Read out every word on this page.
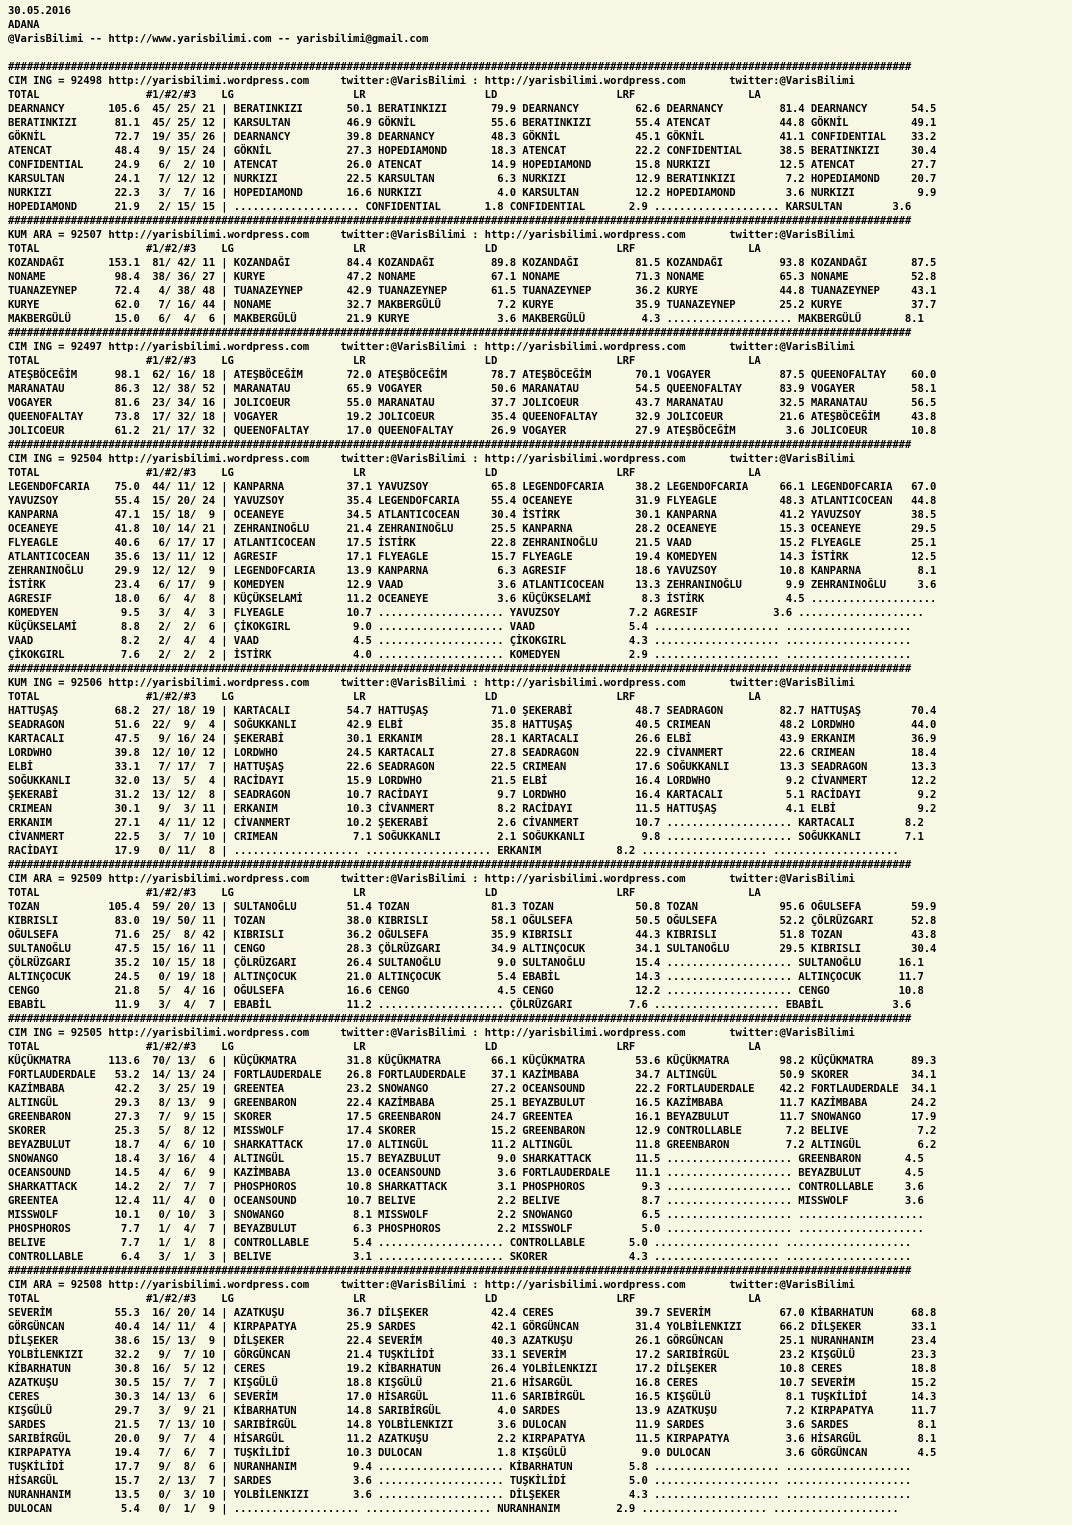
30.05.2016
ADANA
@VarisBilimi -- http://www.yarisbilimi.com -- yarisbilimi@gmail.com

################################################################################################################################################
CIM ING = 92498 http://yarisbilimi.wordpress.com     twitter:@VarisBilimi : http://yarisbilimi.wordpress.com       twitter:@VarisBilimi
TOTAL                 #1/#2/#3    LG                   LR                   LD                   LRF                  LA
DEARNANCY       105.6  45/ 25/ 21 | BERATINKIZI       50.1 BERATINKIZI       79.9 DEARNANCY         62.6 DEARNANCY         81.4 DEARNANCY       54.5
BERATINKIZI      81.1  45/ 25/ 12 | KARSULTAN         46.9 GÖKNİL            55.6 BERATINKIZI       55.4 ATENCAT           44.8 GÖKNİL          49.1
GÖKNİL           72.7  19/ 35/ 26 | DEARNANCY         39.8 DEARNANCY         48.3 GÖKNİL            45.1 GÖKNİL            41.1 CONFIDENTIAL    33.2
ATENCAT          48.4   9/ 15/ 24 | GÖKNİL            27.3 HOPEDIAMOND       18.3 ATENCAT           22.2 CONFIDENTIAL      38.5 BERATINKIZI     30.4
CONFIDENTIAL     24.9   6/  2/ 10 | ATENCAT           26.0 ATENCAT           14.9 HOPEDIAMOND       15.8 NURKIZI           12.5 ATENCAT         27.7
KARSULTAN        24.1   7/ 12/ 12 | NURKIZI           22.5 KARSULTAN          6.3 NURKIZI           12.9 BERATINKIZI        7.2 HOPEDIAMOND     20.7
NURKIZI          22.3   3/  7/ 16 | HOPEDIAMOND       16.6 NURKIZI            4.0 KARSULTAN         12.2 HOPEDIAMOND        3.6 NURKIZI          9.9
HOPEDIAMOND      21.9   2/ 15/ 15 | .................... CONFIDENTIAL       1.8 CONFIDENTIAL       2.9 .................... KARSULTAN        3.6
################################################################################################################################################
KUM ARA = 92507 http://yarisbilimi.wordpress.com     twitter:@VarisBilimi : http://yarisbilimi.wordpress.com       twitter:@VarisBilimi
TOTAL                 #1/#2/#3    LG                   LR                   LD                   LRF                  LA
KOZANDAĞI       153.1  81/ 42/ 11 | KOZANDAĞI         84.4 KOZANDAĞI         89.8 KOZANDAĞI         81.5 KOZANDAĞI         93.8 KOZANDAĞI       87.5
NONAME           98.4  38/ 36/ 27 | KURYE             47.2 NONAME            67.1 NONAME            71.3 NONAME            65.3 NONAME          52.8
TUANAZEYNEP      72.4   4/ 38/ 48 | TUANAZEYNEP       42.9 TUANAZEYNEP       61.5 TUANAZEYNEP       36.2 KURYE             44.8 TUANAZEYNEP     43.1
KURYE            62.0   7/ 16/ 44 | NONAME            32.7 MAKBERGÜLÜ         7.2 KURYE             35.9 TUANAZEYNEP       25.2 KURYE           37.7
MAKBERGÜLÜ       15.0   6/  4/  6 | MAKBERGÜLÜ        21.9 KURYE              3.6 MAKBERGÜLÜ         4.3 .................... MAKBERGÜLÜ       8.1
################################################################################################################################################
CIM ING = 92497 http://yarisbilimi.wordpress.com     twitter:@VarisBilimi : http://yarisbilimi.wordpress.com       twitter:@VarisBilimi
TOTAL                 #1/#2/#3    LG                   LR                   LD                   LRF                  LA
ATEŞBÖCEĞİM      98.1  62/ 16/ 18 | ATEŞBÖCEĞİM       72.0 ATEŞBÖCEĞİM       78.7 ATEŞBÖCEĞİM       70.1 VOGAYER           87.5 QUEENOFALTAY    60.0
MARANATAU        86.3  12/ 38/ 52 | MARANATAU         65.9 VOGAYER           50.6 MARANATAU         54.5 QUEENOFALTAY      83.9 VOGAYER         58.1
VOGAYER          81.6  23/ 34/ 16 | JOLICOEUR         55.0 MARANATAU         37.7 JOLICOEUR         43.7 MARANATAU         32.5 MARANATAU       56.5
QUEENOFALTAY     73.8  17/ 32/ 18 | VOGAYER           19.2 JOLICOEUR         35.4 QUEENOFALTAY      32.9 JOLICOEUR         21.6 ATEŞBÖCEĞİM     43.8
JOLICOEUR        61.2  21/ 17/ 32 | QUEENOFALTAY      17.0 QUEENOFALTAY      26.9 VOGAYER           27.9 ATEŞBÖCEĞİM        3.6 JOLICOEUR       10.8
################################################################################################################################################
CIM ING = 92504 http://yarisbilimi.wordpress.com     twitter:@VarisBilimi : http://yarisbilimi.wordpress.com       twitter:@VarisBilimi
TOTAL                 #1/#2/#3    LG                   LR                   LD                   LRF                  LA
LEGENDOFCARIA    75.0  44/ 11/ 12 | KANPARNA          37.1 YAVUZSOY          65.8 LEGENDOFCARIA     38.2 LEGENDOFCARIA     66.1 LEGENDOFCARIA   67.0
YAVUZSOY         55.4  15/ 20/ 24 | YAVUZSOY          35.4 LEGENDOFCARIA     55.4 OCEANEYE          31.9 FLYEAGLE          48.3 ATLANTICOCEAN   44.8
KANPARNA         47.1  15/ 18/  9 | OCEANEYE          34.5 ATLANTICOCEAN     30.4 İSTİRK            30.1 KANPARNA          41.2 YAVUZSOY        38.5
OCEANEYE         41.8  10/ 14/ 21 | ZEHRANINOĞLU      21.4 ZEHRANINOĞLU      25.5 KANPARNA          28.2 OCEANEYE          15.3 OCEANEYE        29.5
FLYEAGLE         40.6   6/ 17/ 17 | ATLANTICOCEAN     17.5 İSTİRK            22.8 ZEHRANINOĞLU      21.5 VAAD              15.2 FLYEAGLE        25.1
ATLANTICOCEAN    35.6  13/ 11/ 12 | AGRESIF           17.1 FLYEAGLE          15.7 FLYEAGLE          19.4 KOMEDYEN          14.3 İSTİRK          12.5
ZEHRANINOĞLU     29.9  12/ 12/  9 | LEGENDOFCARIA     13.9 KANPARNA           6.3 AGRESIF           18.6 YAVUZSOY          10.8 KANPARNA         8.1
İSTİRK           23.4   6/ 17/  9 | KOMEDYEN          12.9 VAAD               3.6 ATLANTICOCEAN     13.3 ZEHRANINOĞLU       9.9 ZEHRANINOĞLU     3.6
AGRESIF          18.0   6/  4/  8 | KÜÇÜKSELAMİ       11.2 OCEANEYE           3.6 KÜÇÜKSELAMİ        8.3 İSTİRK             4.5 ....................
KOMEDYEN          9.5   3/  4/  3 | FLYEAGLE          10.7 .................... YAVUZSOY           7.2 AGRESIF            3.6 ....................
KÜÇÜKSELAMİ       8.8   2/  2/  6 | ÇİKOKGIRL          9.0 .................... VAAD               5.4 .................... ....................
VAAD              8.2   2/  4/  4 | VAAD               4.5 .................... ÇİKOKGIRL          4.3 .................... ....................
ÇİKOKGIRL         7.6   2/  2/  2 | İSTİRK             4.0 .................... KOMEDYEN           2.9 .................... ....................
################################################################################################################################################
KUM ING = 92506 http://yarisbilimi.wordpress.com     twitter:@VarisBilimi : http://yarisbilimi.wordpress.com       twitter:@VarisBilimi
TOTAL                 #1/#2/#3    LG                   LR                   LD                   LRF                  LA
HATTUŞAŞ         68.2  27/ 18/ 19 | KARTACALI         54.7 HATTUŞAŞ          71.0 ŞEKERABİ          48.7 SEADRAGON         82.7 HATTUŞAŞ        70.4
SEADRAGON        51.6  22/  9/  4 | SOĞUKKANLI        42.9 ELBİ              35.8 HATTUŞAŞ          40.5 CRIMEAN           48.2 LORDWHO         44.0
KARTACALI        47.5   9/ 16/ 24 | ŞEKERABİ          30.1 ERKANIM           28.1 KARTACALI         26.6 ELBİ              43.9 ERKANIM         36.9
LORDWHO          39.8  12/ 10/ 12 | LORDWHO           24.5 KARTACALI         27.8 SEADRAGON         22.9 CİVANMERT         22.6 CRIMEAN         18.4
ELBİ             33.1   7/ 17/  7 | HATTUŞAŞ          22.6 SEADRAGON         22.5 CRIMEAN           17.6 SOĞUKKANLI        13.3 SEADRAGON       13.3
SOĞUKKANLI       32.0  13/  5/  4 | RACİDAYI          15.9 LORDWHO           21.5 ELBİ              16.4 LORDWHO            9.2 CİVANMERT       12.2
ŞEKERABİ         31.2  13/ 12/  8 | SEADRAGON         10.7 RACİDAYI           9.7 LORDWHO           16.4 KARTACALI          5.1 RACİDAYI         9.2
CRIMEAN          30.1   9/  3/ 11 | ERKANIM           10.3 CİVANMERT          8.2 RACİDAYI          11.5 HATTUŞAŞ           4.1 ELBİ             9.2
ERKANIM          27.1   4/ 11/ 12 | CİVANMERT         10.2 ŞEKERABİ           2.6 CİVANMERT         10.7 .................... KARTACALI        8.2
CİVANMERT        22.5   3/  7/ 10 | CRIMEAN            7.1 SOĞUKKANLI         2.1 SOĞUKKANLI         9.8 .................... SOĞUKKANLI       7.1
RACİDAYI         17.9   0/ 11/  8 | .................... .................... ERKANIM            8.2 .................... ....................
################################################################################################################################################
CIM ARA = 92509 http://yarisbilimi.wordpress.com     twitter:@VarisBilimi : http://yarisbilimi.wordpress.com       twitter:@VarisBilimi
TOTAL                 #1/#2/#3    LG                   LR                   LD                   LRF                  LA
TOZAN           105.4  59/ 20/ 13 | SULTANOĞLU        51.4 TOZAN             81.3 TOZAN             50.8 TOZAN             95.6 OĞULSEFA        59.9
KIBRISLI         83.0  19/ 50/ 11 | TOZAN             38.0 KIBRISLI          58.1 OĞULSEFA          50.5 OĞULSEFA          52.2 ÇÖLRÜZGARI      52.8
OĞULSEFA         71.6  25/  8/ 42 | KIBRISLI          36.2 OĞULSEFA          35.9 KIBRISLI          44.3 KIBRISLI          51.8 TOZAN           43.8
SULTANOĞLU       47.5  15/ 16/ 11 | CENGO             28.3 ÇÖLRÜZGARI        34.9 ALTINÇOCUK        34.1 SULTANOĞLU        29.5 KIBRISLI        30.4
ÇÖLRÜZGARI       35.2  10/ 15/ 18 | ÇÖLRÜZGARI        26.4 SULTANOĞLU         9.0 SULTANOĞLU        15.4 .................... SULTANOĞLU      16.1
ALTINÇOCUK       24.5   0/ 19/ 18 | ALTINÇOCUK        21.0 ALTINÇOCUK         5.4 EBABİL            14.3 .................... ALTINÇOCUK      11.7
CENGO            21.8   5/  4/ 16 | OĞULSEFA          16.6 CENGO              4.5 CENGO             12.2 .................... CENGO           10.8
EBABİL           11.9   3/  4/  7 | EBABİL            11.2 .................... ÇÖLRÜZGARI         7.6 .................... EBABİL           3.6
################################################################################################################################################
CIM ING = 92505 http://yarisbilimi.wordpress.com     twitter:@VarisBilimi : http://yarisbilimi.wordpress.com       twitter:@VarisBilimi
TOTAL                 #1/#2/#3    LG                   LR                   LD                   LRF                  LA
KÜÇÜKMATRA      113.6  70/ 13/  6 | KÜÇÜKMATRA        31.8 KÜÇÜKMATRA        66.1 KÜÇÜKMATRA        53.6 KÜÇÜKMATRA        98.2 KÜÇÜKMATRA      89.3
FORTLAUDERDALE   53.2  14/ 13/ 24 | FORTLAUDERDALE    26.8 FORTLAUDERDALE    37.1 KAZİMBABA         34.7 ALTINGÜL          50.9 SKORER          34.1
KAZİMBABA        42.2   3/ 25/ 19 | GREENTEA          23.2 SNOWANGO          27.2 OCEANSOUND        22.2 FORTLAUDERDALE    42.2 FORTLAUDERDALE  34.1
ALTINGÜL         29.3   8/ 13/  9 | GREENBARON        22.4 KAZİMBABA         25.1 BEYAZBULUT        16.5 KAZİMBABA         11.7 KAZİMBABA       24.2
GREENBARON       27.3   7/  9/ 15 | SKORER            17.5 GREENBARON        24.7 GREENTEA          16.1 BEYAZBULUT        11.7 SNOWANGO        17.9
SKORER           25.3   5/  8/ 12 | MISSWOLF          17.4 SKORER            15.2 GREENBARON        12.9 CONTROLLABLE       7.2 BELIVE           7.2
BEYAZBULUT       18.7   4/  6/ 10 | SHARKATTACK       17.0 ALTINGÜL          11.2 ALTINGÜL          11.8 GREENBARON         7.2 ALTINGÜL         6.2
SNOWANGO         18.4   3/ 16/  4 | ALTINGÜL          15.7 BEYAZBULUT         9.0 SHARKATTACK       11.5 .................... GREENBARON       4.5
OCEANSOUND       14.5   4/  6/  9 | KAZİMBABA         13.0 OCEANSOUND         3.6 FORTLAUDERDALE    11.1 .................... BEYAZBULUT       4.5
SHARKATTACK      14.2   2/  7/  7 | PHOSPHOROS        10.8 SHARKATTACK        3.1 PHOSPHOROS         9.3 .................... CONTROLLABLE     3.6
GREENTEA         12.4  11/  4/  0 | OCEANSOUND        10.7 BELIVE             2.2 BELIVE             8.7 .................... MISSWOLF         3.6
MISSWOLF         10.1   0/ 10/  3 | SNOWANGO           8.1 MISSWOLF           2.2 SNOWANGO           6.5 .................... ....................
PHOSPHOROS        7.7   1/  4/  7 | BEYAZBULUT         6.3 PHOSPHOROS         2.2 MISSWOLF           5.0 .................... ....................
BELIVE            7.7   1/  1/  8 | CONTROLLABLE       5.4 .................... CONTROLLABLE       5.0 .................... ....................
CONTROLLABLE      6.4   3/  1/  3 | BELIVE             3.1 .................... SKORER             4.3 .................... ....................
################################################################################################################################################
CIM ARA = 92508 http://yarisbilimi.wordpress.com     twitter:@VarisBilimi : http://yarisbilimi.wordpress.com       twitter:@VarisBilimi
TOTAL                 #1/#2/#3    LG                   LR                   LD                   LRF                  LA
SEVERİM          55.3  16/ 20/ 14 | AZATKUŞU          36.7 DİLŞEKER          42.4 CERES             39.7 SEVERİM           67.0 KİBARHATUN      68.8
GÖRGÜNCAN        40.4  14/ 11/  4 | KIRPAPATYA        25.9 SARDES            42.1 GÖRGÜNCAN         31.4 YOLBİLENKIZI      66.2 DİLŞEKER        33.1
DİLŞEKER         38.6  15/ 13/  9 | DİLŞEKER          22.4 SEVERİM           40.3 AZATKUŞU          26.1 GÖRGÜNCAN         25.1 NURANHANIM      23.4
YOLBİLENKIZI     32.2   9/  7/ 10 | GÖRGÜNCAN         21.4 TUŞKİLİDİ         33.1 SEVERİM           17.2 SARIBİRGÜL        23.2 KIŞGÜLÜ         23.3
KİBARHATUN       30.8  16/  5/ 12 | CERES             19.2 KİBARHATUN        26.4 YOLBİLENKIZI      17.2 DİLŞEKER          10.8 CERES           18.8
AZATKUŞU         30.5  15/  7/  7 | KIŞGÜLÜ           18.8 KIŞGÜLÜ           21.6 HİSARGÜL          16.8 CERES             10.7 SEVERİM         15.2
CERES            30.3  14/ 13/  6 | SEVERİM           17.0 HİSARGÜL          11.6 SARIBİRGÜL        16.5 KIŞGÜLÜ            8.1 TUŞKİLİDİ       14.3
KIŞGÜLÜ          29.7   3/  9/ 21 | KİBARHATUN        14.8 SARIBİRGÜL         4.0 SARDES            13.9 AZATKUŞU           7.2 KIRPAPATYA      11.7
SARDES           21.5   7/ 13/ 10 | SARIBİRGÜL        14.8 YOLBİLENKIZI       3.6 DULOCAN           11.9 SARDES             3.6 SARDES           8.1
SARIBİRGÜL       20.0   9/  7/  4 | HİSARGÜL          11.2 AZATKUŞU           2.2 KIRPAPATYA        11.5 KIRPAPATYA         3.6 HİSARGÜL         8.1
KIRPAPATYA       19.4   7/  6/  7 | TUŞKİLİDİ         10.3 DULOCAN            1.8 KIŞGÜLÜ            9.0 DULOCAN            3.6 GÖRGÜNCAN        4.5
TUŞKİLİDİ        17.7   9/  8/  6 | NURANHANIM         9.4 .................... KİBARHATUN         5.8 .................... ....................
HİSARGÜL         15.7   2/ 13/  7 | SARDES             3.6 .................... TUŞKİLİDİ          5.0 .................... ....................
NURANHANIM       13.5   0/  3/ 10 | YOLBİLENKIZI       3.6 .................... DİLŞEKER           4.3 .................... ....................
DULOCAN           5.4   0/  1/  9 | .................... .................... NURANHANIM         2.9 .................... ....................
